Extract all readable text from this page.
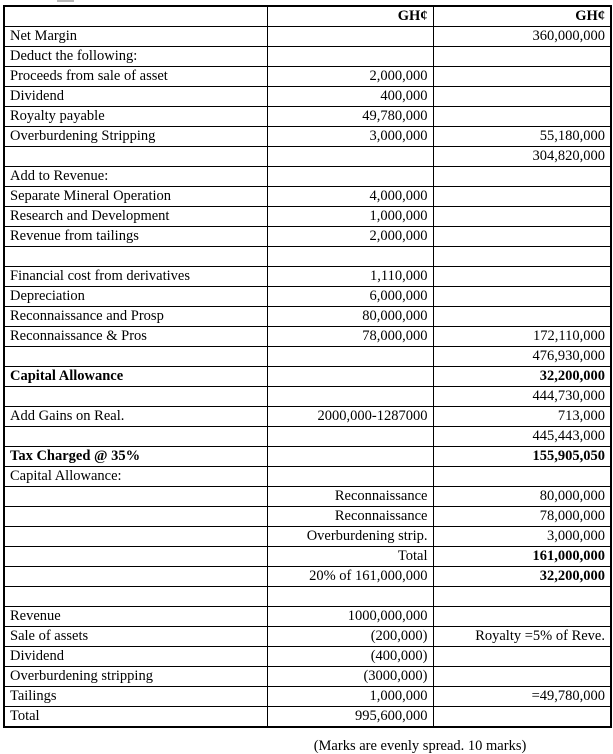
	GH¢	GH¢
Net Margin		360,000,000
Deduct the following:		
Proceeds from sale of asset	2,000,000	
Dividend	400,000	
Royalty payable	49,780,000	
Overburdening Stripping	3,000,000	55,180,000
		304,820,000
Add to Revenue:		
Separate Mineral Operation	4,000,000	
Research and Development	1,000,000	
Revenue from tailings	2,000,000	

Financial cost from derivatives	1,110,000	
Depreciation	6,000,000	
Reconnaissance and Prosp	80,000,000	
Reconnaissance & Pros	78,000,000	172,110,000
		476,930,000
Capital Allowance		32,200,000
		444,730,000
Add Gains on Real.	2000,000-1287000	713,000
		445,443,000
Tax Charged @ 35%		155,905,050
Capital Allowance:		
	Reconnaissance	80,000,000
	Reconnaissance	78,000,000
	Overburdening strip.	3,000,000
	Total	161,000,000
	20% of 161,000,000	32,200,000

Revenue	1000,000,000	
Sale of assets	(200,000)	Royalty =5% of Reve.
Dividend	(400,000)	
Overburdening stripping	(3000,000)	
Tailings	1,000,000	=49,780,000
Total	995,600,000	
(Marks are evenly spread. 10 marks)
